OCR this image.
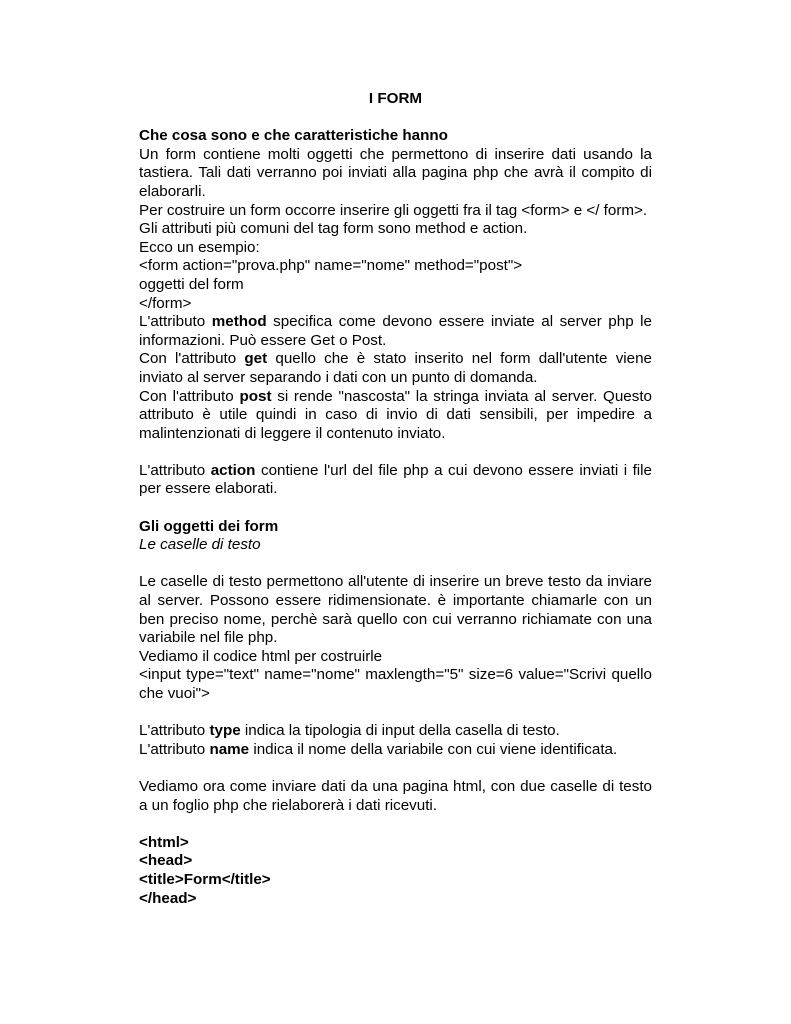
I FORM
Che cosa sono e che caratteristiche hanno
Un form contiene molti oggetti che permettono di inserire dati usando la tastiera. Tali dati verranno poi inviati alla pagina php che avrà il compito di elaborarli.
Per costruire un form occorre inserire gli oggetti fra il tag <form> e </ form>.
Gli attributi più comuni del tag form sono method e action.
Ecco un esempio:
<form action="prova.php" name="nome" method="post">
oggetti del form
</form>
L'attributo method specifica come devono essere inviate al server php le informazioni. Può essere Get o Post.
Con l'attributo get quello che è stato inserito nel form dall'utente viene inviato al server separando i dati con un punto di domanda.
Con l'attributo post si rende "nascosta" la stringa inviata al server. Questo attributo è utile quindi in caso di invio di dati sensibili, per impedire a malintenzionati di leggere il contenuto inviato.
L'attributo action contiene l'url del file php a cui devono essere inviati i file per essere elaborati.
Gli oggetti dei form
Le caselle di testo
Le caselle di testo permettono all'utente di inserire un breve testo da inviare al server. Possono essere ridimensionate. è importante chiamarle con un ben preciso nome, perchè sarà quello con cui verranno richiamate con una variabile nel file php.
Vediamo il codice html per costruirle
<input type="text" name="nome" maxlength="5" size=6 value="Scrivi quello che vuoi">
L'attributo type indica la tipologia di input della casella di testo.
L'attributo name indica il nome della variabile con cui viene identificata.
Vediamo ora come inviare dati da una pagina html, con due caselle di testo a un foglio php che rielaborerà i dati ricevuti.
<html>
<head>
<title>Form</title>
</head>
